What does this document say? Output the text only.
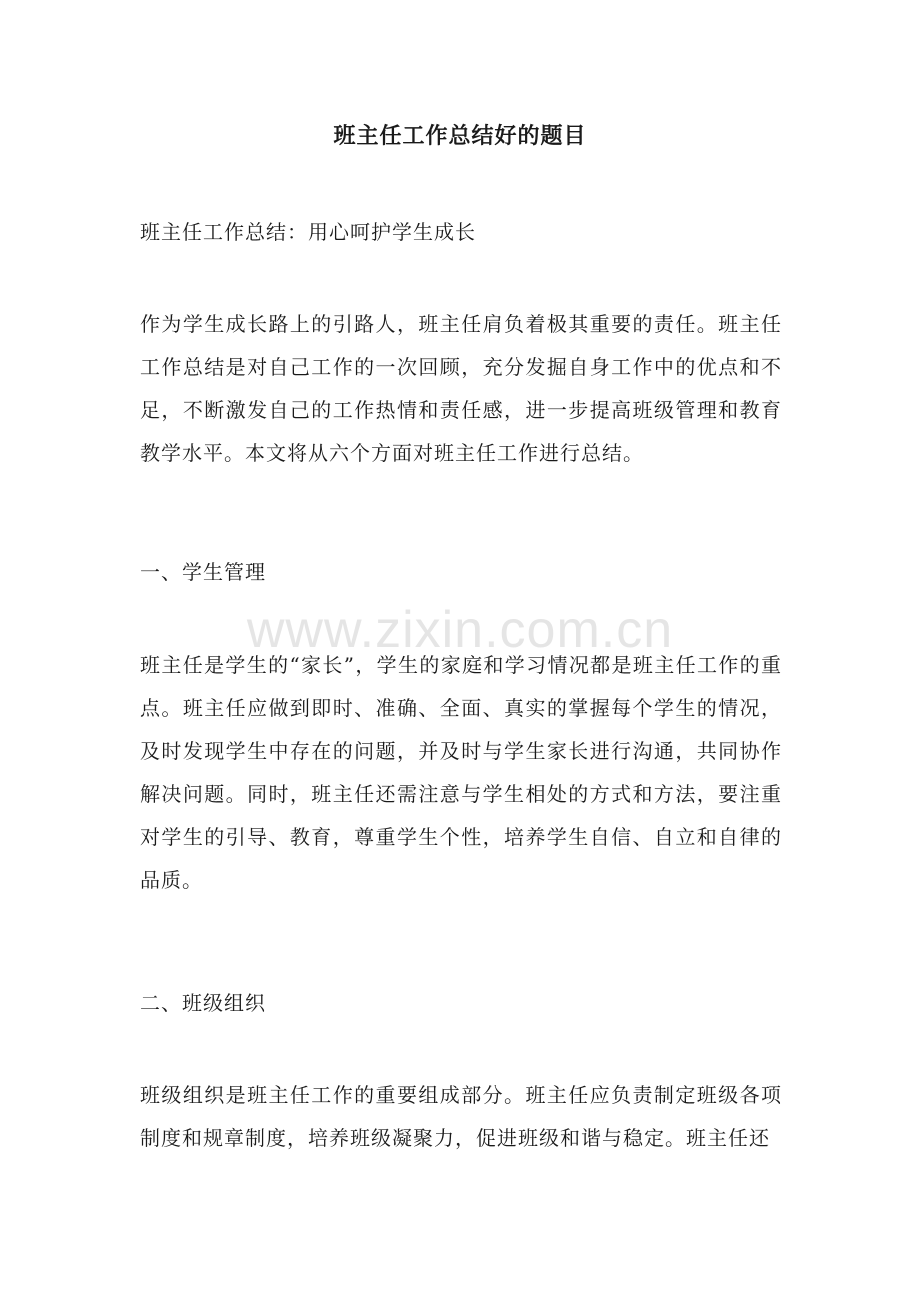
班主任工作总结好的题目
班主任工作总结：用心呵护学生成长

作为学生成长路上的引路人，班主任肩负着极其重要的责任。班主任工作总结是对自己工作的一次回顾，充分发掘自身工作中的优点和不足，不断激发自己的工作热情和责任感，进一步提高班级管理和教育教学水平。本文将从六个方面对班主任工作进行总结。

一、学生管理

班主任是学生的“家长”，学生的家庭和学习情况都是班主任工作的重点。班主任应做到即时、准确、全面、真实的掌握每个学生的情况，及时发现学生中存在的问题，并及时与学生家长进行沟通，共同协作解决问题。同时，班主任还需注意与学生相处的方式和方法，要注重对学生的引导、教育，尊重学生个性，培养学生自信、自立和自律的品质。

二、班级组织

班级组织是班主任工作的重要组成部分。班主任应负责制定班级各项制度和规章制度，培养班级凝聚力，促进班级和谐与稳定。班主任还

www.zixin.com.cn
